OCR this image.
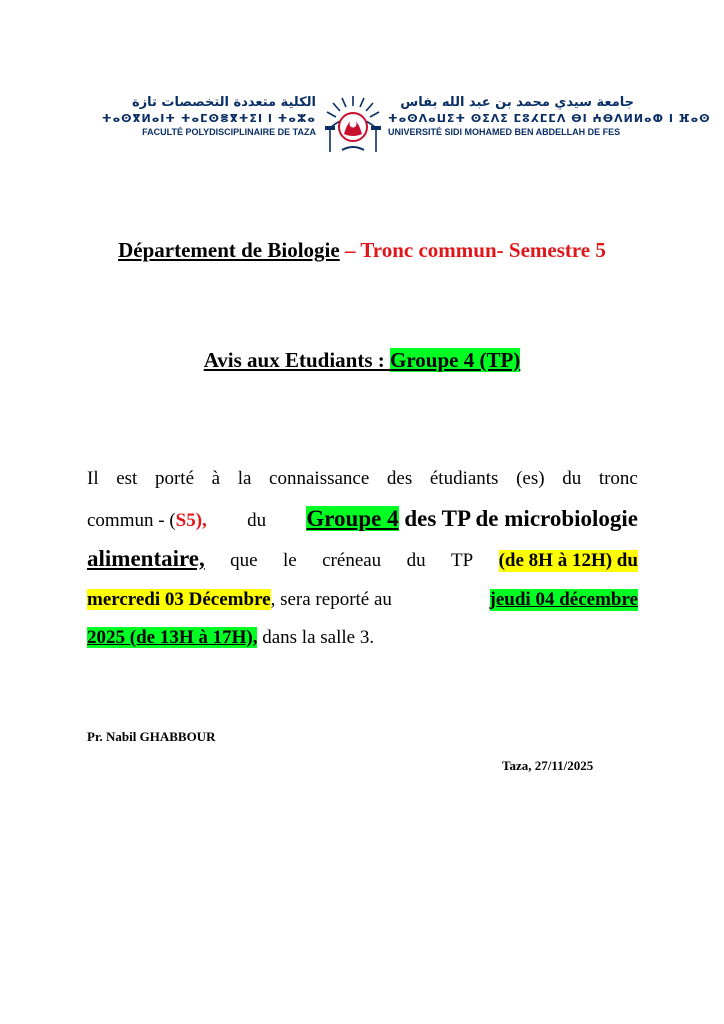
الكلية متعددة التخصصات تازة
ⵜⴰⵙⴳⵍⴰⵏⵜ ⵜⴰⵎⵙⴻⴳⵜⵉⵏ ⵏ ⵜⴰⵣⴰ
FACULTÉ POLYDISCIPLINAIRE DE TAZA
جامعة سيدي محمد بن عبد الله بفاس
ⵜⴰⵙⴷⴰⵡⵉⵜ ⵙⵉⴷⵉ ⵎⵓⵃⵎⵎⴷ ⴱⵏ ⵄⴱⴷⵍⵍⴰⵀ ⵏ ⴼⴰⵙ
UNIVERSITÉ SIDI MOHAMED BEN ABDELLAH DE FES
Département de Biologie – Tronc commun- Semestre 5
Avis aux Etudiants : Groupe 4 (TP)
Il est porté à la connaissance des étudiants (es) du tronc
commun - (S5), du Groupe 4 des TP de microbiologie
alimentaire, que le créneau du TP (de 8H à 12H) du
mercredi 03 Décembre, sera reporté au	jeudi 04 décembre
2025 (de 13H à 17H), dans la salle 3.
Pr. Nabil GHABBOUR
Taza, 27/11/2025
